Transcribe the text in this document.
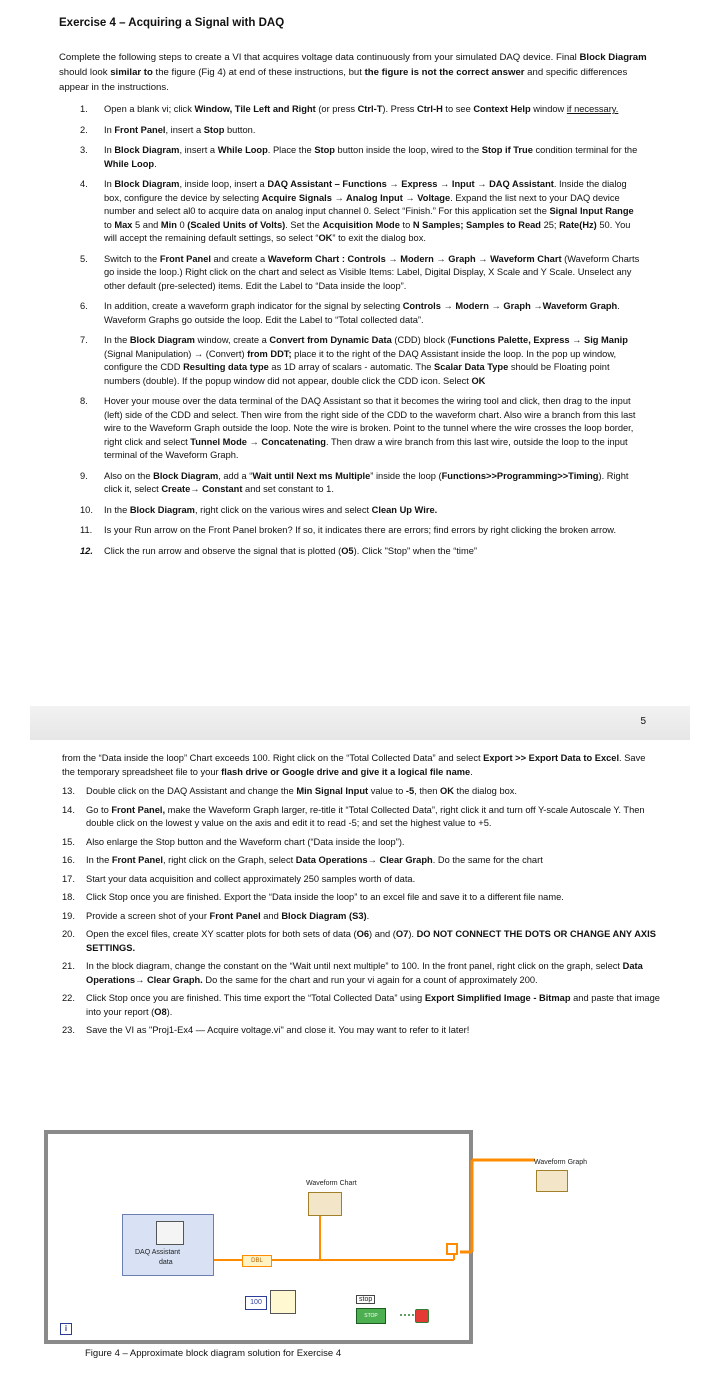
5
Exercise 4 – Acquiring a Signal with DAQ

Complete the following steps to create a VI that acquires voltage data continuously from your simulated DAQ device. Final Block Diagram should look similar to the figure (Fig 4) at end of these instructions, but the figure is not the correct answer and specific differences appear in the instructions.

1. Open a blank vi; click Window, Tile Left and Right (or press Ctrl-T). Press Ctrl-H to see Context Help window if necessary.
2. In Front Panel, insert a Stop button.
3. In Block Diagram, insert a While Loop. Place the Stop button inside the loop, wired to the Stop if True condition terminal for the While Loop.
4. In Block Diagram, inside loop, insert a DAQ Assistant – Functions → Express → Input → DAQ Assistant. Inside the dialog box, configure the device by selecting Acquire Signals → Analog Input → Voltage. Expand the list next to your DAQ device number and select al0 to acquire data on analog input channel 0. Select “Finish.” For this application set the Signal Input Range to Max 5 and Min 0 (Scaled Units of Volts). Set the Acquisition Mode to N Samples; Samples to Read 25; Rate(Hz) 50. You will accept the remaining default settings, so select “OK” to exit the dialog box.
5. Switch to the Front Panel and create a Waveform Chart : Controls → Modern → Graph → Waveform Chart (Waveform Charts go inside the loop.) Right click on the chart and select as Visible Items: Label, Digital Display, X Scale and Y Scale. Unselect any other default (pre-selected) items. Edit the Label to “Data inside the loop”.
6. In addition, create a waveform graph indicator for the signal by selecting Controls → Modern → Graph →Waveform Graph. Waveform Graphs go outside the loop. Edit the Label to “Total collected data”.
7. In the Block Diagram window, create a Convert from Dynamic Data (CDD) block (Functions Palette, Express → Sig Manip (Signal Manipulation) → (Convert) from DDT; place it to the right of the DAQ Assistant inside the loop. In the pop up window, configure the CDD Resulting data type as 1D array of scalars - automatic. The Scalar Data Type should be Floating point numbers (double). If the popup window did not appear, double click the CDD icon. Select OK
8. Hover your mouse over the data terminal of the DAQ Assistant so that it becomes the wiring tool and click, then drag to the input (left) side of the CDD and select. Then wire from the right side of the CDD to the waveform chart. Also wire a branch from this last wire to the Waveform Graph outside the loop. Note the wire is broken. Point to the tunnel where the wire crosses the loop border, right click and select Tunnel Mode → Concatenating. Then draw a wire branch from this last wire, outside the loop to the input terminal of the Waveform Graph.
9. Also on the Block Diagram, add a “Wait until Next ms Multiple” inside the loop (Functions>>Programming>>Timing). Right click it, select Create→ Constant and set constant to 1.
10. In the Block Diagram, right click on the various wires and select Clean Up Wire.
11. Is your Run arrow on the Front Panel broken? If so, it indicates there are errors; find errors by right clicking the broken arrow.
12. Click the run arrow and observe the signal that is plotted (O5). Click "Stop" when the “time”
from the “Data inside the loop” Chart exceeds 100. Right click on the “Total Collected Data” and select Export >> Export Data to Excel. Save the temporary spreadsheet file to your flash drive or Google drive and give it a logical file name.
13. Double click on the DAQ Assistant and change the Min Signal Input value to -5, then OK the dialog box.
14. Go to Front Panel, make the Waveform Graph larger, re-title it “Total Collected Data”, right click it and turn off Y-scale Autoscale Y. Then double click on the lowest y value on the axis and edit it to read -5; and set the highest value to +5.
15. Also enlarge the Stop button and the Waveform chart (“Data inside the loop”).
16. In the Front Panel, right click on the Graph, select Data Operations→ Clear Graph. Do the same for the chart
17. Start your data acquisition and collect approximately 250 samples worth of data.
18. Click Stop once you are finished. Export the “Data inside the loop” to an excel file and save it to a different file name.
19. Provide a screen shot of your Front Panel and Block Diagram (S3).
20. Open the excel files, create XY scatter plots for both sets of data (O6) and (O7). DO NOT CONNECT THE DOTS OR CHANGE ANY AXIS SETTINGS.
21. In the block diagram, change the constant on the “Wait until next multiple” to 100. In the front panel, right click on the graph, select Data Operations→ Clear Graph. Do the same for the chart and run your vi again for a count of approximately 200.
22. Click Stop once you are finished. This time export the “Total Collected Data” using Export Simplified Image - Bitmap and paste that image into your report (O8).
23. Save the VI as "Proj1-Ex4 — Acquire voltage.vi" and close it. You may want to refer to it later!
Waveform Chart
Waveform Graph
DAQ Assistant
data	DBL
100	stop
STOP
i
Figure 4 – Approximate block diagram solution for Exercise 4
